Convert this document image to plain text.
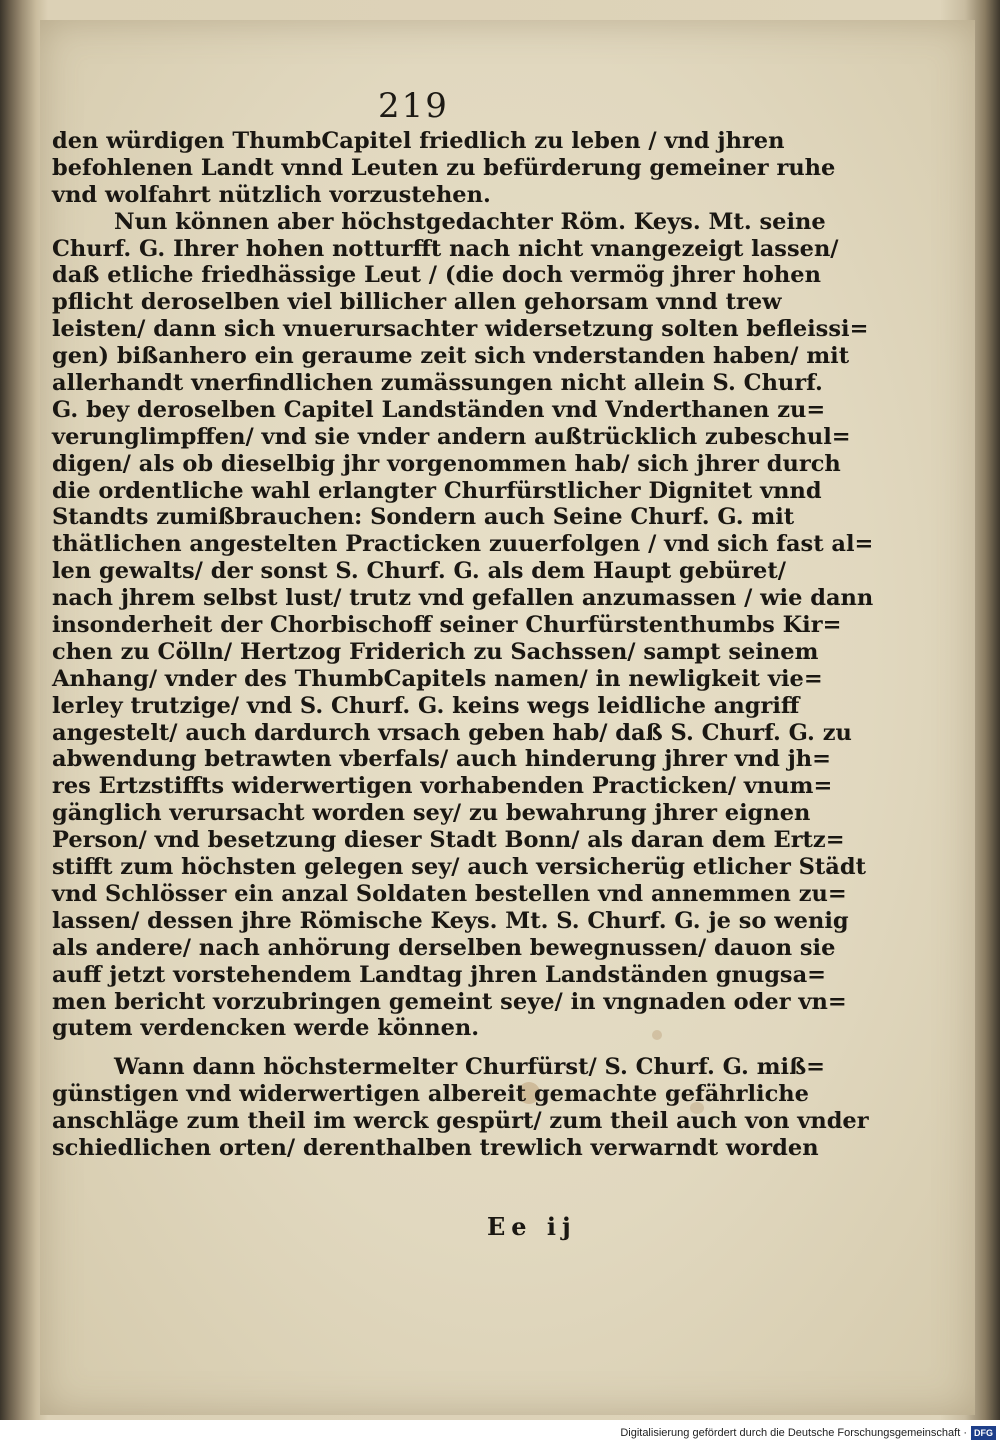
219
den würdigen ThumbCapitel friedlich zu leben / vnd jhren
befohlenen Landt vnnd Leuten zu befürderung gemeiner ruhe
vnd wolfahrt nützlich vorzustehen.
Nun können aber höchstgedachter Röm. Keys. Mt. seine
Churf. G. Ihrer hohen notturfft nach nicht vnangezeigt lassen/
daß etliche friedhässige Leut / (die doch vermög jhrer hohen
pflicht deroselben viel billicher allen gehorsam vnnd trew
leisten/ dann sich vnuerursachter widersetzung solten befleissi=
gen) bißanhero ein geraume zeit sich vnderstanden haben/ mit
allerhandt vnerfindlichen zumässungen nicht allein S. Churf.
G. bey deroselben Capitel Landständen vnd Vnderthanen zu=
verunglimpffen/ vnd sie vnder andern außtrücklich zubeschul=
digen/ als ob dieselbig jhr vorgenommen hab/ sich jhrer durch
die ordentliche wahl erlangter Churfürstlicher Dignitet vnnd
Standts zumißbrauchen: Sondern auch Seine Churf. G. mit
thätlichen angestelten Practicken zuuerfolgen / vnd sich fast al=
len gewalts/ der sonst S. Churf. G. als dem Haupt gebüret/
nach jhrem selbst lust/ trutz vnd gefallen anzumassen / wie dann
insonderheit der Chorbischoff seiner Churfürstenthumbs Kir=
chen zu Cölln/ Hertzog Friderich zu Sachssen/ sampt seinem
Anhang/ vnder des ThumbCapitels namen/ in newligkeit vie=
lerley trutzige/ vnd S. Churf. G. keins wegs leidliche angriff
angestelt/ auch dardurch vrsach geben hab/ daß S. Churf. G. zu
abwendung betrawten vberfals/ auch hinderung jhrer vnd jh=
res Ertzstiffts widerwertigen vorhabenden Practicken/ vnum=
gänglich verursacht worden sey/ zu bewahrung jhrer eignen
Person/ vnd besetzung dieser Stadt Bonn/ als daran dem Ertz=
stifft zum höchsten gelegen sey/ auch versicherüg etlicher Städt
vnd Schlösser ein anzal Soldaten bestellen vnd annemmen zu=
lassen/ dessen jhre Römische Keys. Mt. S. Churf. G. je so wenig
als andere/ nach anhörung derselben bewegnussen/ dauon sie
auff jetzt vorstehendem Landtag jhren Landständen gnugsa=
men bericht vorzubringen gemeint seye/ in vngnaden oder vn=
gutem verdencken werde können.
Wann dann höchstermelter Churfürst/ S. Churf. G. miß=
günstigen vnd widerwertigen albereit gemachte gefährliche
anschläge zum theil im werck gespürt/ zum theil auch von vnder
schiedlichen orten/ derenthalben trewlich verwarndt worden
Ee ij
Digitalisierung gefördert durch die Deutsche Forschungsgemeinschaft · DFG
